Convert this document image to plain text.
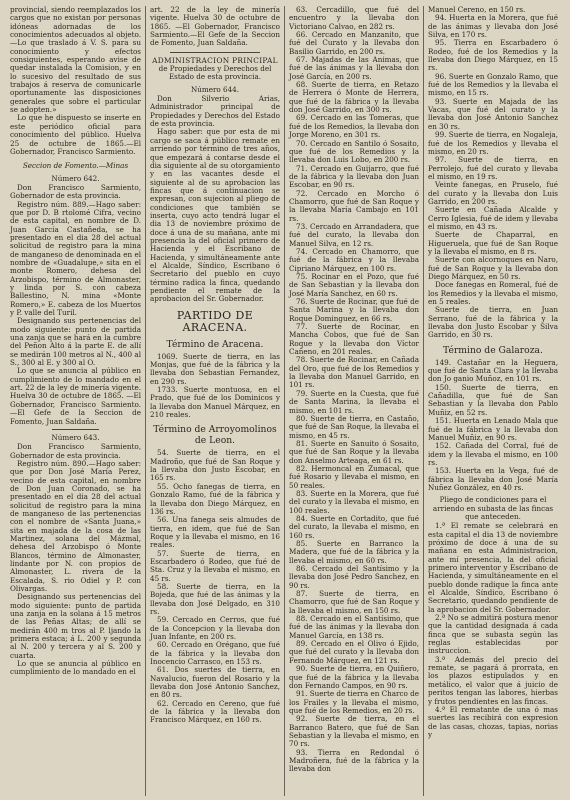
provincial, siendo reemplazados los cargos que no existan por personas idóneas adornadas de los conocimientos adecuados al objeto.—Lo que traslado á V. S. para su conocimiento y efectos consiguientes, esperando avise de quedar instalada la Comision, y en lo sucesivo del resultado de sus trabajos á reserva de comunicarle oportunamente las disposiciones generales que sobre el particular se adopten.»

Lo que he dispuesto se inserte en este periódico oficial para conocimiento del público. Huelva 25 de octubre de 1865.—El Gobernador, Francisco Sarmiento.

Seccion de Fomento.—Minas

Número 642.

Don Francisco Sarmiento, Gobernador de esta provincia.

Registro núm. 889.—Hago saber: que por D. B rtolomé Cifra, vecino de esta capital, en nombre de D. Juan García Castañeda, se ha presentado en el dia 28 del actual solicitud de registro para la mina de manganeso de denominada en el nombre de «Guadalupe,» sita en el monte Romero, dehesa del Arzobispo, término de Almonaster, y linda por S. con cabeza Ballestino, N. mina «Monte Romero,» E. cabeza de los Muertos y P. valle del Turil.

Designando sus pertenencias del modo siguiente: punto de partida una zanja que se hará en la cumbre del Peñon Alto á la parte E. de allí se medirán 100 metros al N., 400 al S., 300 al E. y 300 al O.

Lo que se anuncia al público en cumplimiento de lo mandado en el art. 22 de la ley de minería vigente. Huelva 30 de octubre de 1865. —El Gobernador, Francisco Sarmiento.—El Gefe de la Seccion de Fomento, Juan Saldaña.

Número 643.

Don Francisco Sarmiento, Gobernador de esta provincia.

Registro núm. 890.—Hago saber: que por Don José María Perez, vecino de esta capital, en nombre de Don Juan Coronado, se ha presentado en el dia 28 del actual solicitud de registro para la mina de manganeso de las pertenencias con el nombre de «Santa Juana,» sita en majada de la cosa de las Martinez, solana del Mázmal, dehesa del Arzobispo ó Monte Blancos, término de Almonaster, lindante por N. con propios de Almonaster, L. rivera de la Escalada, S. rio Odiel y P. con Olivargas.

Designando sus pertenencias del modo siguiente: punto de partida una zanja en la solana á 15 metros de las Peñas Altas; de allí se medirán 400 m tros al P. ljando la primera estaca; á L. 200 y segunda al N. 200 y tercera y al S. 200 y cuarta.

Lo que se anuncia al público en cumplimiento de lo mandado en el

art. 22 de la ley de minería vigente. Huelva 30 de octubre de 1865. —El Gobernador, Francisco Sarmiento.—El Gefe de la Seccion de Fomento, Juan Saldaña.

ADMINISTRACION PRINCIPAL

de Propiedades y Derechos del Estado de esta provincia.

Número 644.

Don Silverio Arias, Administrador principal de Propiedades y Derechos del Estado de esta provincia.

Hago saber: que por esta de mi cargo se saca á público remate en arriendo por término de tres años, que empezará á contarse desde el dia siguiente al de su otorgamiento y en las vacantes desde el siguiente al de su aprobacion las fincas que á continuacion se expresan, con sujecion al pliego de condiciones que también se inserta, cuyo acto tendrá lugar el dia 13 de noviembre próximo de doce á una de su mañana, ante mi presencia la del oficial primero de Hacienda y el Escribano de Hacienda, y simultáneamente ante el Alcalde, Síndico, Escribano ó Secretario del pueblo en cuyo término radica la finca, quedando pendiente el remate de la aprobacion del Sr. Gobernador.

PARTIDO DE ARACENA.

Término de Aracena.

1069. Suerte de tierra, en las Monjas, que fué de la fábrica y la llevaba don Sebastian Fernandez, en 290 rs.

1733. Suerte montuosa, en el Prado, que fué de los Dominicos y la llevaba don Manuel Márquez, en 210 reales.

Término de Arroyomolinos de Leon.

54. Suerte de tierra, en el Madroño, que fué de San Roque y la llevaba don Justo Escobar, en 165 rs.

55. Ocho fanegas de tierra, en Gonzalo Ramo, fué de la fábrica y la llevaba don Diego Márquez, en 136 rs.

56. Una fanega seis almudes de tierra, en idem, que fué de San Roque y la llevaba el mismo, en 16 reales.

57. Suerte de tierra, en Escarbadero ó Rodeo, que fué de Sta. Cruz y la llevaba el mismo, en 45 rs.

58. Suerte de tierra, en la Bojeda, que fué de las ánimas y la llevaba don José Delgado, en 310 rs.

59. Cercado en Cerros, que fué de la Concepcion y la llevaba don Juan Infante, en 200 rs.

60. Cercado en Orégano, que fué de la fábrica y la llevaba don Inocencio Carrasco, en 153 rs.

61. Dos suertes de tierra, en Navalucio, fueron del Rosario y la llevaba don José Antonio Sanchez, en 80 rs.

62. Cercado en Cereno, que fué de la fábrica y la llevaba don Francisco Márquez, en 160 rs.

63. Cercadillo, que fué del encuentro y la llevaba don Victoriano Calvao, en 282 rs.

66. Cercado en Manzanito, que fué del Curato y la llevaba don Basilio Garrido, en 200 rs.

67. Majadas de las Animas, que fué de las ánimas y la llevaba don José García, en 200 rs.

68. Suerte de tierra, en Retazo de Herrera ó Monte de Herrera, que fué de la fábrica y la llevaba don José Garrido, en 300 rs.

69. Cercado en las Tomeras, que fué de los Remedios, la llevaba don Jorge Moreno, en 301 rs.

70. Cercado en Santilo ó Sosaito, que fué de los Remedios y la llevaba don Luis Lobo, en 200 rs.

71. Cercado en Guijarro, que fué de la fábrica y la llevaba don Juan Escobar, en 90 rs.

72. Cercado en Morcho ó Chamorro, que fué de San Roque y la llevaba María Cambajo en 101 rs.

73. Cercado en Arrandadera, que fué del curato, la llevaba don Manuel Silva, en 12 rs.

74. Cercado en Chamorro, que fué de la fábrica y la llevaba Cipriano Márquez, en 100 rs.

75. Rocinar en el Pozo, que fué de San Sebastian y la llevaba don José María Sanchez, en 60 rs.

76. Suerte de Rocinar, que fué de Santa Marina y la llevaba don Roque Dominguez, en 66 rs.

77. Suerte de Rocinar, en Mancha Cobos, que fué de San Roque y la llevaba don Víctor Cañeno, en 201 reales.

78. Suerte de Rocinar, en Cañada del Oro, que fué de los Remedios y la llevaba don Manuel Garrido, en 101 rs.

79. Suerte en la Cuesta, que fué de Santa Marina, la llevaba el mismo, en 101 rs.

80. Suerte de tierra, en Castaño, que fué de San Roque, la llevaba el mismo, en 45 rs.

81. Suerte en Sanuito ó Sosaito, que fué de San Roque y la llevaba don Anselmo Arteaga, en 61 rs.

82. Hermoncal en Zumacal, que fué Rosario y llevaba el mismo, en 50 reales.

83. Suerte en la Morera, que fué del curato y la llevaba el mismo, en 100 reales.

84. Suerte en Cortadito, que fué del curato, la llevaba el mismo, en 160 rs.

85. Suerte en Barranco la Madera, que fué de la fábrica y la llevaba el mismo, en 60 rs.

86. Cercado del Santísimo y la llevaba don José Pedro Sanchez, en 90 rs.

87. Suerte de tierra, en Chamorro, que fué de San Roque y la llevaba el mismo, en 150 rs.

88. Cercado en el Santísimo, que fué de las ánimas y la llevaba don Manuel García, en 138 rs.

89. Cercado en el Olivo ó Ejido, que fué del curato y la llevaba don Fernando Márquez, en 121 rs.

90. Suerte de tierra, en Quiñero, que fué de la fábrica y la llevaba don Fernando Campos, en 90 rs.

91. Suerte de tierra en Charco de los Frailes y la llevaba el mismo, que fué de los Remedios, en 20 rs.

92. Suerte de tierra, en el Barranco Batero, que fué de San Sebastian y la llevaba el mismo, en 70 rs.

93. Tierra en Redondal ó Madroñera, fué de la fábrica y la llevaba don

Manuel Cereno, en 150 rs.

94. Huerta en la Morera, que fué de las ánimas y llevaba don José Silva, en 170 rs.

95. Tierra en Escarbadero ó Rodeo, fué de los Remedios y la llevaba don Diego Márquez, en 15 rs.

96. Suerte en Gonzalo Ramo, que fué de los Remedios y la llevaba el mismo, en 15 rs.

93. Suerte en Majada de las Vacas, que fué del curato y la llevaba don José Antonio Sanchez en 30 rs.

99. Suerte de tierra, en Nogaleja, fué de los Remedios y llevaba el mismo, en 20 rs.

97. Suerte de tierra, en Perrolejo, fué del curato y llevaba el mismo, en 19 rs.

Veinte fanegas, en Pruselo, fué del curato y la llevaba don Luis Garrido, en 200 rs.

Suerte en Cañada Alcalde y Cerro Iglesia, fué de idem y llevaba el mismo, en 43 rs.

Suerte de Chaparral, en Higueruela, que fué de San Roque y la llevaba el mismo, en 8 rs.

Suerte con alcornoques en Naro, fué de San Roque y la llevaba don Diego Márquez, en 50 rs.

Doce fanegas en Romeral, fué de los Remedios y la llevaba el mismo, en 5 reales.

Suerte de tierra, en Juan Serrano, fué de la fábrica y la llevaba don Justo Escobar y Silva Garrido, en 30 rs.

Término de Galaroza.

149. Castañar en la Heguera, que fué de Santa Clara y la llevaba don Jo ganio Muñoz, en 101 rs.

150. Suerte de tierra, en Cañadilla, que fué de San Sebastian y la llevaba don Pablo Muñiz, en 52 rs.

151. Huerta en Lenado Mala que fué de la fábrica y la llevaba don Manuel Muñiz, en 90 rs.

152. Cañada del Corral, fué de idem y la llevaba el mismo, en 100 rs.

153. Huerta en la Vega, fué de fábrica la llevaba don José María Nuñez González, en 40 rs.

Pliego de condiciones para el arriendo en subasta de las fincas que anteceden.

1.ª El remate se celebrará en esta capital el dia 13 de noviembre próximo de doce á una de su mañana en esta Administracion, ante mí presencia, la del oficial primero interventor y Escribano de Hacienda, y simultáneamente en el pueblo donde radique la finca ante el Alcalde, Síndico, Escribano ó Secretario, quedando pendiente de la aprobacion del Sr. Gobernador.

2.ª No se admitirá postura menor que la cantidad designada á cada finca que se subasta según las reglas establecidas por instruccion.

3.ª Además del precio del remate, se pagará á prorrata, en los plazos estipulados y en metálico, el valor que á juicio de peritos tengan las labores, hierbas y frutos pendientes en las fincas.

4.ª El rematante de una ó mas suertes las recibirá con expresion de las casas, chozas, tapias, norias y
